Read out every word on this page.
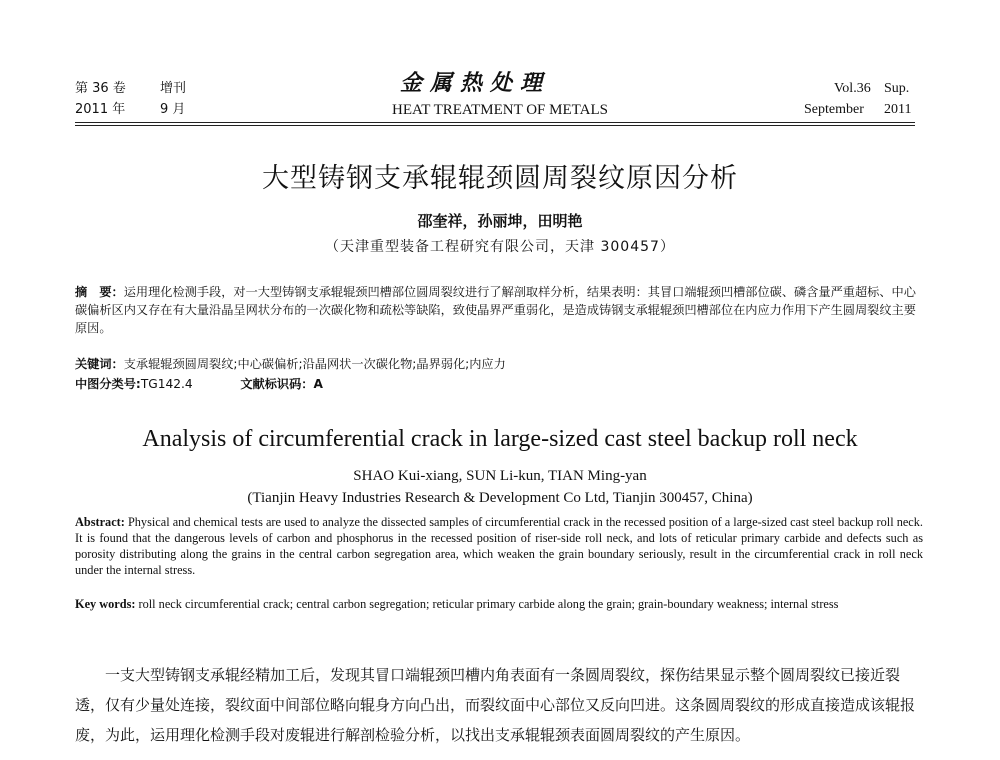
第 36 卷	增刊
2011 年	9 月
金属热处理
HEAT TREATMENT OF METALS
Vol.36 Sup.
September 2011
大型铸钢支承辊辊颈圆周裂纹原因分析
邵奎祥，孙丽坤，田明艳
（天津重型装备工程研究有限公司，天津 300457）
摘　要：运用理化检测手段，对一大型铸钢支承辊辊颈凹槽部位圆周裂纹进行了解剖取样分析，结果表明：其冒口端辊颈凹槽部位碳、磷含量严重超标、中心碳偏析区内又存在有大量沿晶呈网状分布的一次碳化物和疏松等缺陷，致使晶界严重弱化，是造成铸钢支承辊辊颈凹槽部位在内应力作用下产生圆周裂纹主要原因。
关键词：支承辊辊颈圆周裂纹;中心碳偏析;沿晶网状一次碳化物;晶界弱化;内应力
中图分类号:TG142.4	文献标识码：A
Analysis of circumferential crack in large-sized cast steel backup roll neck
SHAO Kui-xiang, SUN Li-kun, TIAN Ming-yan
(Tianjin Heavy Industries Research & Development Co Ltd, Tianjin 300457, China)
Abstract: Physical and chemical tests are used to analyze the dissected samples of circumferential crack in the recessed position of a large-sized cast steel backup roll neck. It is found that the dangerous levels of carbon and phosphorus in the recessed position of riser-side roll neck, and lots of reticular primary carbide and defects such as porosity distributing along the grains in the central carbon segregation area, which weaken the grain boundary seriously, result in the circumferential crack in roll neck under the internal stress.
Key words: roll neck circumferential crack; central carbon segregation; reticular primary carbide along the grain; grain-boundary weakness; internal stress
一支大型铸钢支承辊经精加工后，发现其冒口端辊颈凹槽内角表面有一条圆周裂纹，探伤结果显示整个圆周裂纹已接近裂透，仅有少量处连接，裂纹面中间部位略向辊身方向凸出，而裂纹面中心部位又反向凹进。这条圆周裂纹的形成直接造成该辊报废，为此，运用理化检测手段对废辊进行解剖检验分析，以找出支承辊辊颈表面圆周裂纹的产生原因。
